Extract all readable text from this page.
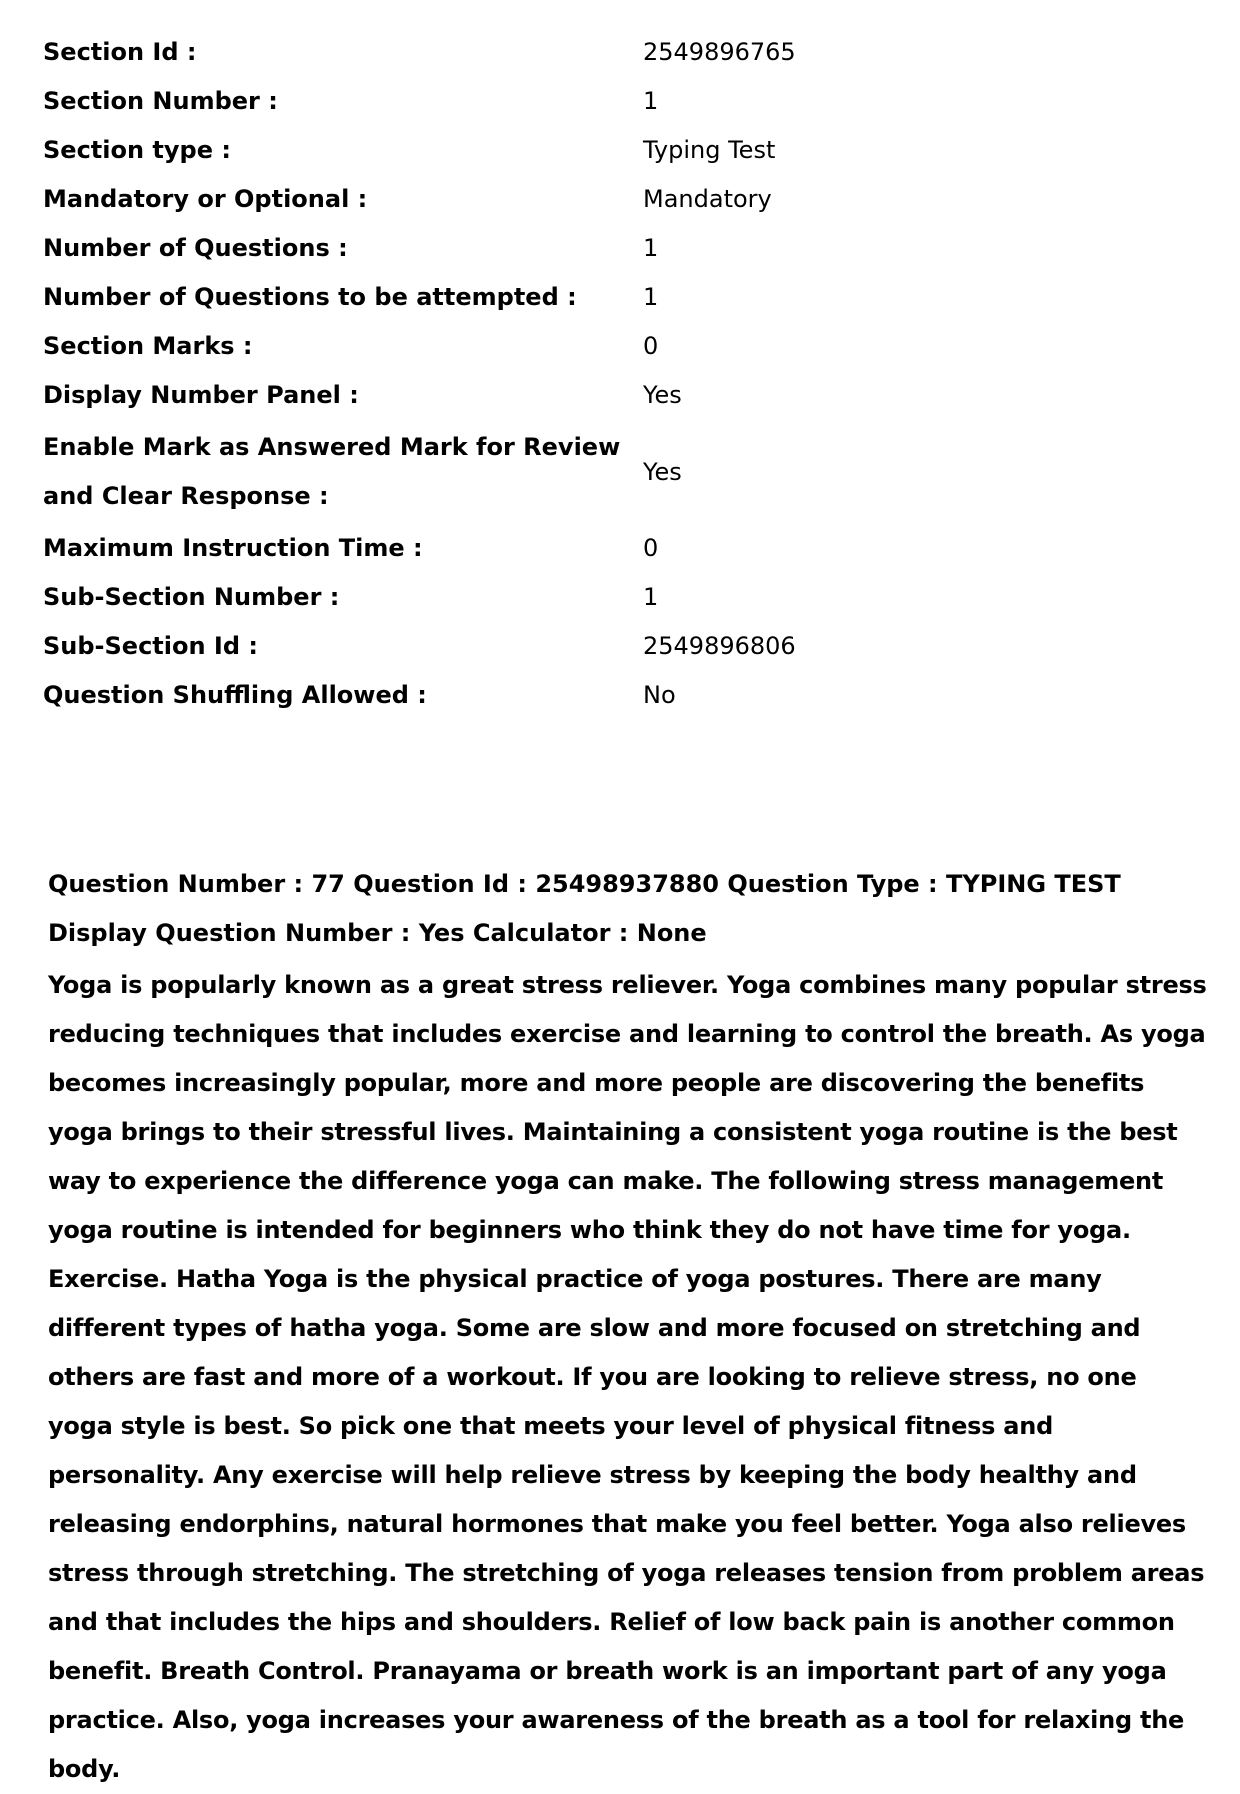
Section Id :	2549896765
Section Number :	1
Section type :	Typing Test
Mandatory or Optional :	Mandatory
Number of Questions :	1
Number of Questions to be attempted :	1
Section Marks :	0
Display Number Panel :	Yes
Enable Mark as Answered Mark for Review and Clear Response :	Yes
Maximum Instruction Time :	0
Sub-Section Number :	1
Sub-Section Id :	2549896806
Question Shuffling Allowed :	No

Question Number : 77 Question Id : 25498937880 Question Type : TYPING TEST Display Question Number : Yes Calculator : None

Yoga is popularly known as a great stress reliever. Yoga combines many popular stress reducing techniques that includes exercise and learning to control the breath. As yoga becomes increasingly popular, more and more people are discovering the benefits yoga brings to their stressful lives. Maintaining a consistent yoga routine is the best way to experience the difference yoga can make. The following stress management yoga routine is intended for beginners who think they do not have time for yoga. Exercise. Hatha Yoga is the physical practice of yoga postures. There are many different types of hatha yoga. Some are slow and more focused on stretching and others are fast and more of a workout. If you are looking to relieve stress, no one yoga style is best. So pick one that meets your level of physical fitness and personality. Any exercise will help relieve stress by keeping the body healthy and releasing endorphins, natural hormones that make you feel better. Yoga also relieves stress through stretching. The stretching of yoga releases tension from problem areas and that includes the hips and shoulders. Relief of low back pain is another common benefit. Breath Control. Pranayama or breath work is an important part of any yoga practice. Also, yoga increases your awareness of the breath as a tool for relaxing the body.
